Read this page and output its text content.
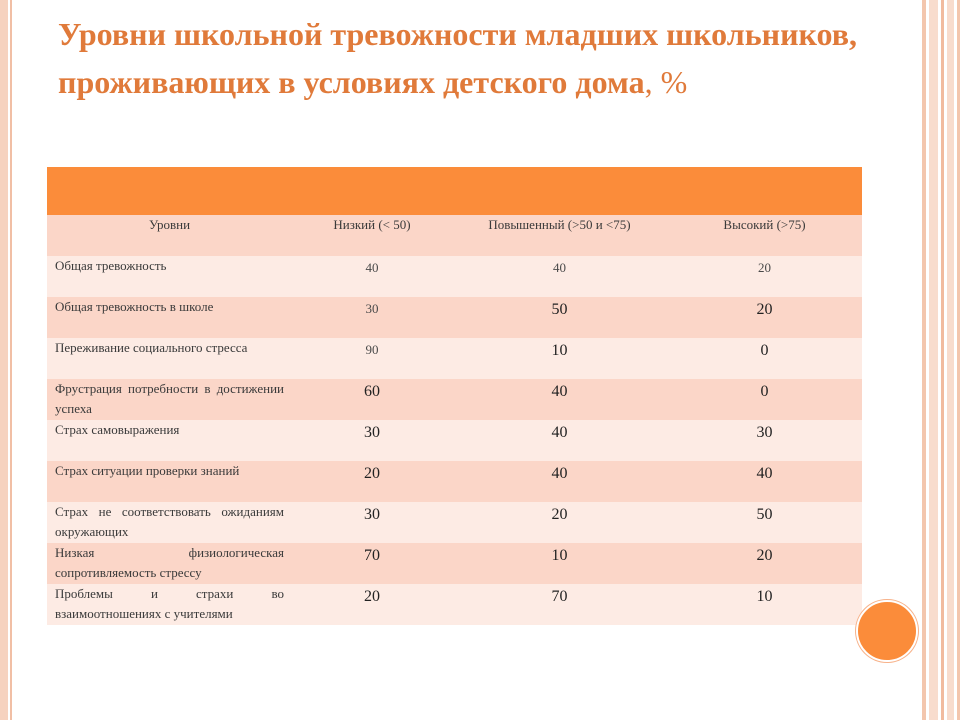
Уровни школьной тревожности младших школьников, проживающих в условиях детского дома, %
Уровни	Низкий (< 50)	Повышенный (>50 и <75)	Высокий (>75)
Общая тревожность	40	40	20
Общая тревожность в школе	30	50	20
Переживание социального стресса	90	10	0
Фрустрация потребности в достижении успеха	60	40	0
Страх самовыражения	30	40	30
Страх ситуации проверки знаний	20	40	40
Страх не соответствовать ожиданиям окружающих	30	20	50
Низкая физиологическая сопротивляемость стрессу	70	10	20
Проблемы и страхи во взаимоотношениях с учителями	20	70	10
